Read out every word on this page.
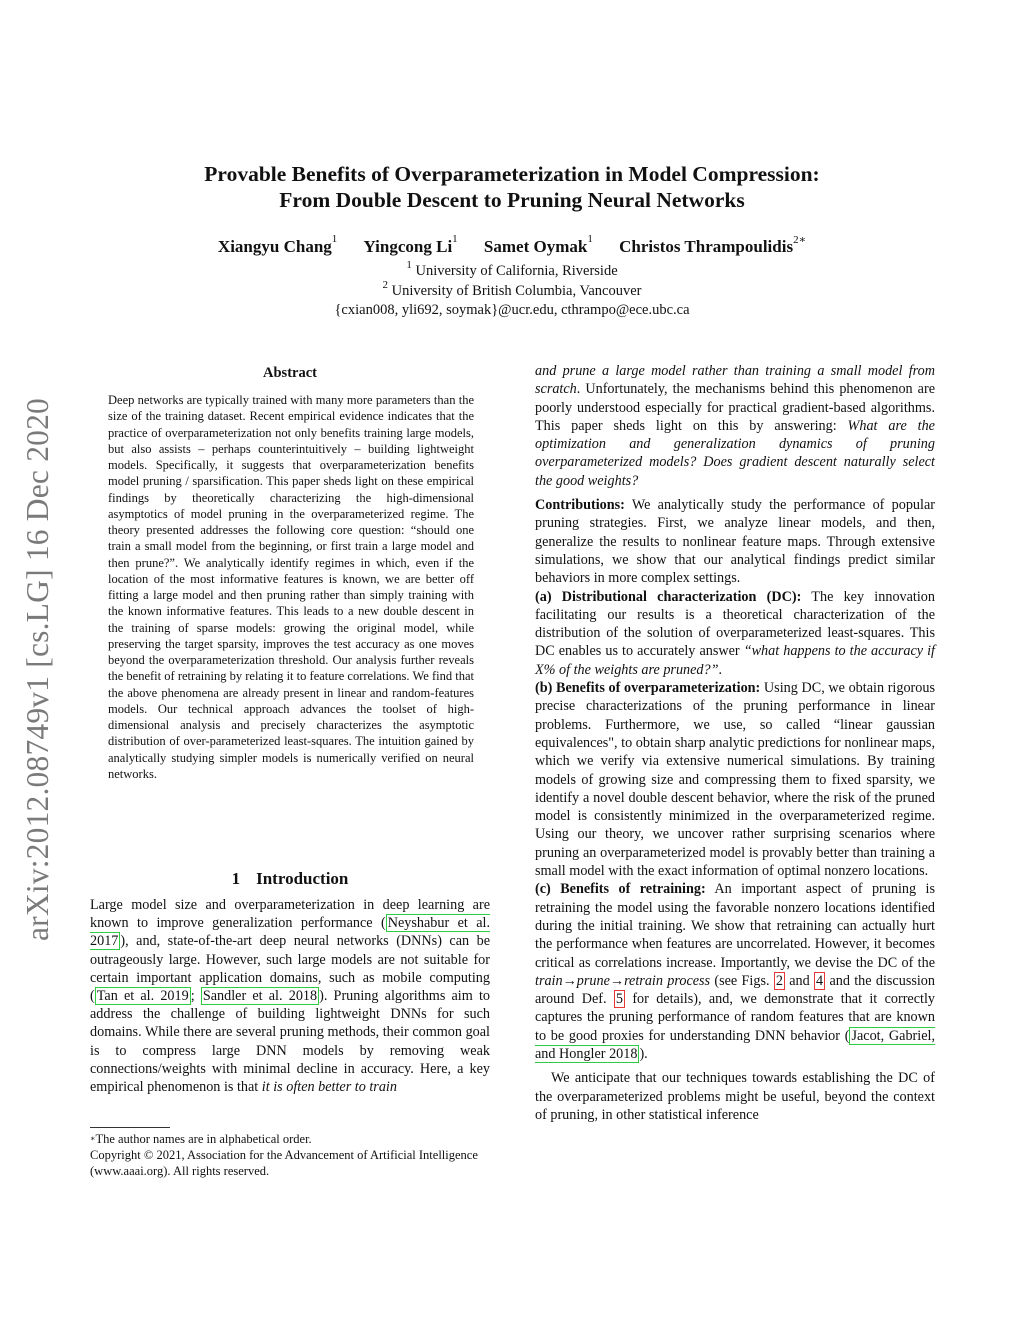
arXiv:2012.08749v1 [cs.LG] 16 Dec 2020
Provable Benefits of Overparameterization in Model Compression:
From Double Descent to Pruning Neural Networks
Xiangyu Chang$^1$ Yingcong Li$^1$ Samet Oymak$^1$ Christos Thrampoulidis$^{2∗}$
$^1$ University of California, Riverside
$^2$ University of British Columbia, Vancouver
{cxian008, yli692, soymak}@ucr.edu, cthrampo@ece.ubc.ca
Abstract
Deep networks are typically trained with many more parameters than the size of the training dataset. Recent empirical evidence indicates that the practice of overparameterization not only benefits training large models, but also assists – perhaps counterintuitively – building lightweight models. Specifically, it suggests that overparameterization benefits model pruning / sparsification. This paper sheds light on these empirical findings by theoretically characterizing the high-dimensional asymptotics of model pruning in the overparameterized regime. The theory presented addresses the following core question: “should one train a small model from the beginning, or first train a large model and then prune?”. We analytically identify regimes in which, even if the location of the most informative features is known, we are better off fitting a large model and then pruning rather than simply training with the known informative features. This leads to a new double descent in the training of sparse models: growing the original model, while preserving the target sparsity, improves the test accuracy as one moves beyond the overparameterization threshold. Our analysis further reveals the benefit of retraining by relating it to feature correlations. We find that the above phenomena are already present in linear and random-features models. Our technical approach advances the toolset of high-dimensional analysis and precisely characterizes the asymptotic distribution of over-parameterized least-squares. The intuition gained by analytically studying simpler models is numerically verified on neural networks.
1 Introduction
Large model size and overparameterization in deep learning are known to improve generalization performance ( Neyshabur et al. 2017 ), and, state-of-the-art deep neural networks (DNNs) can be outrageously large. However, such large models are not suitable for certain important application domains, such as mobile computing ( Tan et al. 2019 ; Sandler et al. 2018 ). Pruning algorithms aim to address the challenge of building lightweight DNNs for such domains. While there are several pruning methods, their common goal is to compress large DNN models by removing weak connections/weights with minimal decline in accuracy. Here, a key empirical phenomenon is that it is often better to train
∗The author names are in alphabetical order.
Copyright © 2021, Association for the Advancement of Artificial Intelligence (www.aaai.org). All rights reserved.

and prune a large model rather than training a small model from scratch. Unfortunately, the mechanisms behind this phenomenon are poorly understood especially for practical gradient-based algorithms. This paper sheds light on this by answering: What are the optimization and generalization dynamics of pruning overparameterized models? Does gradient descent naturally select the good weights?

Contributions: We analytically study the performance of popular pruning strategies. First, we analyze linear models, and then, generalize the results to nonlinear feature maps. Through extensive simulations, we show that our analytical findings predict similar behaviors in more complex settings.

(a) Distributional characterization (DC): The key innovation facilitating our results is a theoretical characterization of the distribution of the solution of overparameterized least-squares. This DC enables us to accurately answer “what happens to the accuracy if X% of the weights are pruned?”.

(b) Benefits of overparameterization: Using DC, we obtain rigorous precise characterizations of the pruning performance in linear problems. Furthermore, we use, so called “linear gaussian equivalences", to obtain sharp analytic predictions for nonlinear maps, which we verify via extensive numerical simulations. By training models of growing size and compressing them to fixed sparsity, we identify a novel double descent behavior, where the risk of the pruned model is consistently minimized in the overparameterized regime. Using our theory, we uncover rather surprising scenarios where pruning an overparameterized model is provably better than training a small model with the exact information of optimal nonzero locations.

(c) Benefits of retraining: An important aspect of pruning is retraining the model using the favorable nonzero locations identified during the initial training. We show that retraining can actually hurt the performance when features are uncorrelated. However, it becomes critical as correlations increase. Importantly, we devise the DC of the train→prune→retrain process (see Figs. 2 and 4 and the discussion around Def. 5 for details), and, we demonstrate that it correctly captures the pruning performance of random features that are known to be good proxies for understanding DNN behavior ( Jacot, Gabriel, and Hongler 2018 ).

We anticipate that our techniques towards establishing the DC of the overparameterized problems might be useful, beyond the context of pruning, in other statistical inference
